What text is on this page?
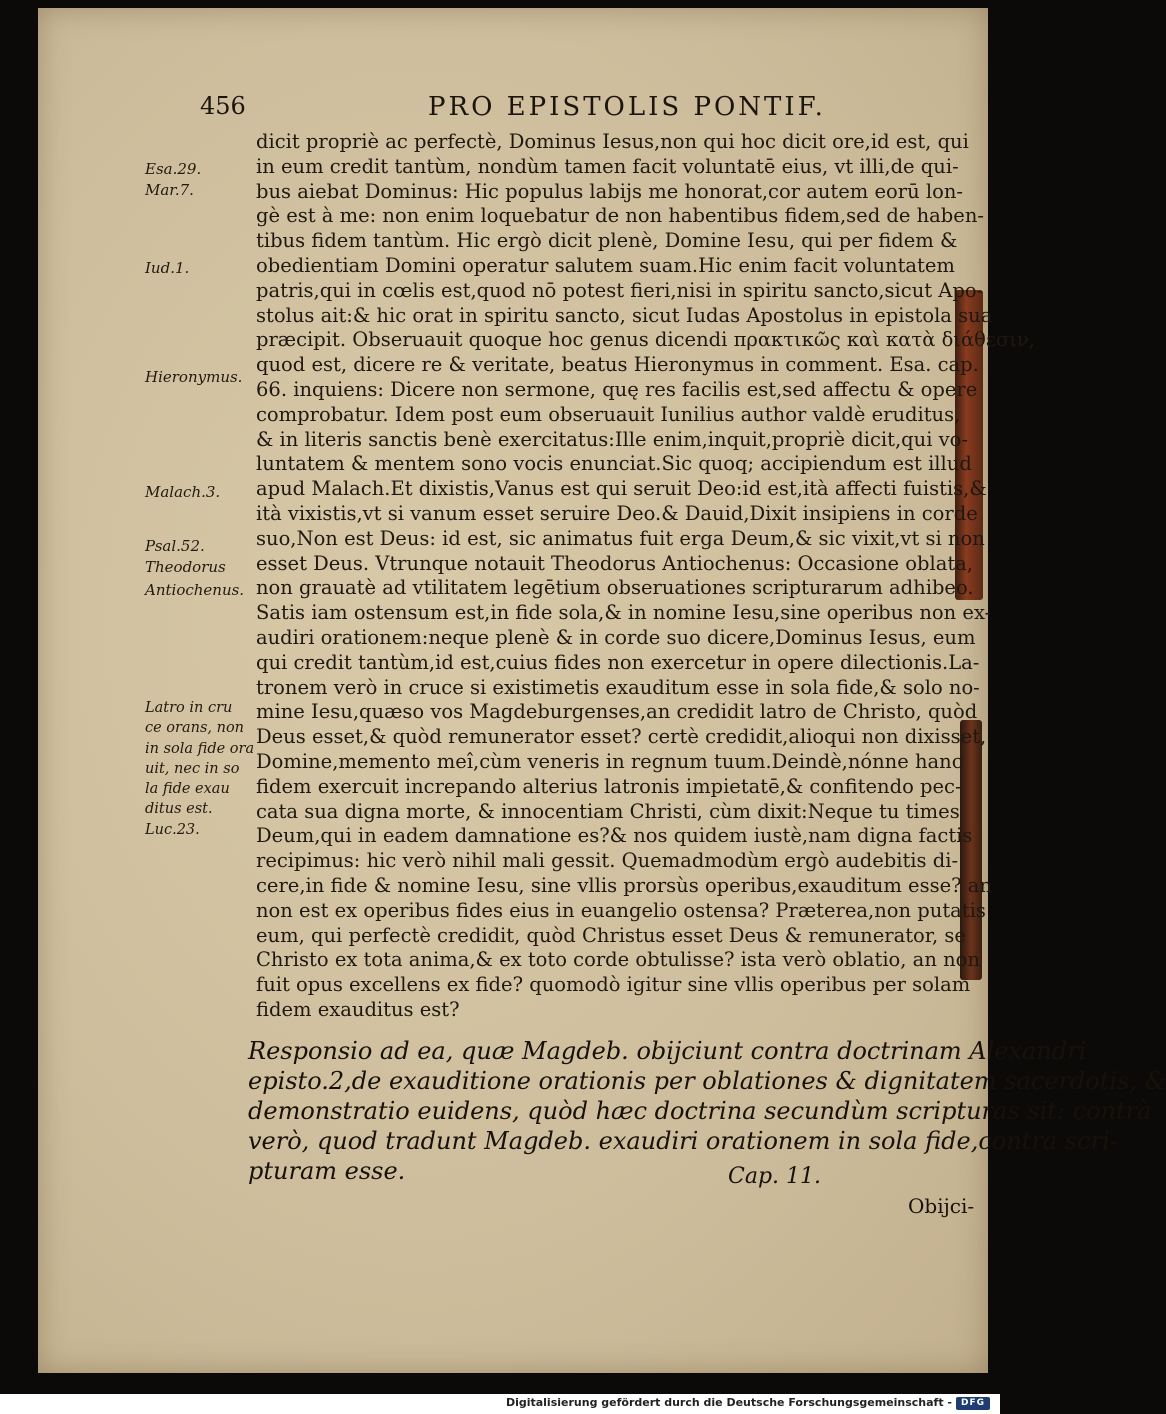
456	PRO EPISTOLIS PONTIF.
Esa.29.
Mar.7.
Iud.1.
Hieronymus.
Malach.3.
Psal.52.
Theodorus
Antiochenus.
Latro in cru
ce orans, non
in sola fide ora
uit, nec in so
la fide exau
ditus est.
Luc.23.
dicit propriè ac perfectè, Dominus Iesus,non qui hoc dicit ore,id est, qui
in eum credit tantùm, nondùm tamen facit voluntatē eius, vt illi,de qui-
bus aiebat Dominus: Hic populus labijs me honorat,cor autem eorū lon-
gè est à me: non enim loquebatur de non habentibus fidem,sed de haben-
tibus fidem tantùm. Hic ergò dicit plenè, Domine Iesu, qui per fidem &
obedientiam Domini operatur salutem suam.Hic enim facit voluntatem
patris,qui in cœlis est,quod nō potest fieri,nisi in spiritu sancto,sicut Apo-
stolus ait:& hic orat in spiritu sancto, sicut Iudas Apostolus in epistola sua
præcipit. Obseruauit quoque hoc genus dicendi πρακτικῶς καὶ κατὰ διάθεσιν,
quod est, dicere re & veritate, beatus Hieronymus in comment. Esa. cap.
66. inquiens: Dicere non sermone, quę res facilis est,sed affectu & opere
comprobatur. Idem post eum obseruauit Iunilius author valdè eruditus,
& in literis sanctis benè exercitatus:Ille enim,inquit,propriè dicit,qui vo-
luntatem & mentem sono vocis enunciat.Sic quoq; accipiendum est illud
apud Malach.Et dixistis,Vanus est qui seruit Deo:id est,ità affecti fuistis,&
ità vixistis,vt si vanum esset seruire Deo.& Dauid,Dixit insipiens in corde
suo,Non est Deus: id est, sic animatus fuit erga Deum,& sic vixit,vt si non
esset Deus. Vtrunque notauit Theodorus Antiochenus: Occasione oblata,
non grauatè ad vtilitatem legētium obseruationes scripturarum adhibeo.
Satis iam ostensum est,in fide sola,& in nomine Iesu,sine operibus non ex-
audiri orationem:neque plenè & in corde suo dicere,Dominus Iesus, eum
qui credit tantùm,id est,cuius fides non exercetur in opere dilectionis.La-
tronem verò in cruce si existimetis exauditum esse in sola fide,& solo no-
mine Iesu,quæso vos Magdeburgenses,an credidit latro de Christo, quòd
Deus esset,& quòd remunerator esset? certè credidit,alioqui non dixisset,
Domine,memento meî,cùm veneris in regnum tuum.Deindè,nónne hanc
fidem exercuit increpando alterius latronis impietatē,& confitendo pec-
cata sua digna morte, & innocentiam Christi, cùm dixit:Neque tu times
Deum,qui in eadem damnatione es?& nos quidem iustè,nam digna factis
recipimus: hic verò nihil mali gessit. Quemadmodùm ergò audebitis di-
cere,in fide & nomine Iesu, sine vllis prorsùs operibus,exauditum esse? an
non est ex operibus fides eius in euangelio ostensa? Præterea,non putatis
eum, qui perfectè credidit, quòd Christus esset Deus & remunerator, se
Christo ex tota anima,& ex toto corde obtulisse? ista verò oblatio, an non
fuit opus excellens ex fide? quomodò igitur sine vllis operibus per solam
fidem exauditus est?
Responsio ad ea, quæ Magdeb. obijciunt contra doctrinam Alexandri
episto.2,de exauditione orationis per oblationes & dignitatem sacerdotis, &
demonstratio euidens, quòd hæc doctrina secundùm scripturas sit: contrà
verò, quod tradunt Magdeb. exaudiri orationem in sola fide,contra scri-
pturam esse.	Cap. 11.
Obijci-
Digitalisierung gefördert durch die Deutsche Forschungsgemeinschaft - DFG
